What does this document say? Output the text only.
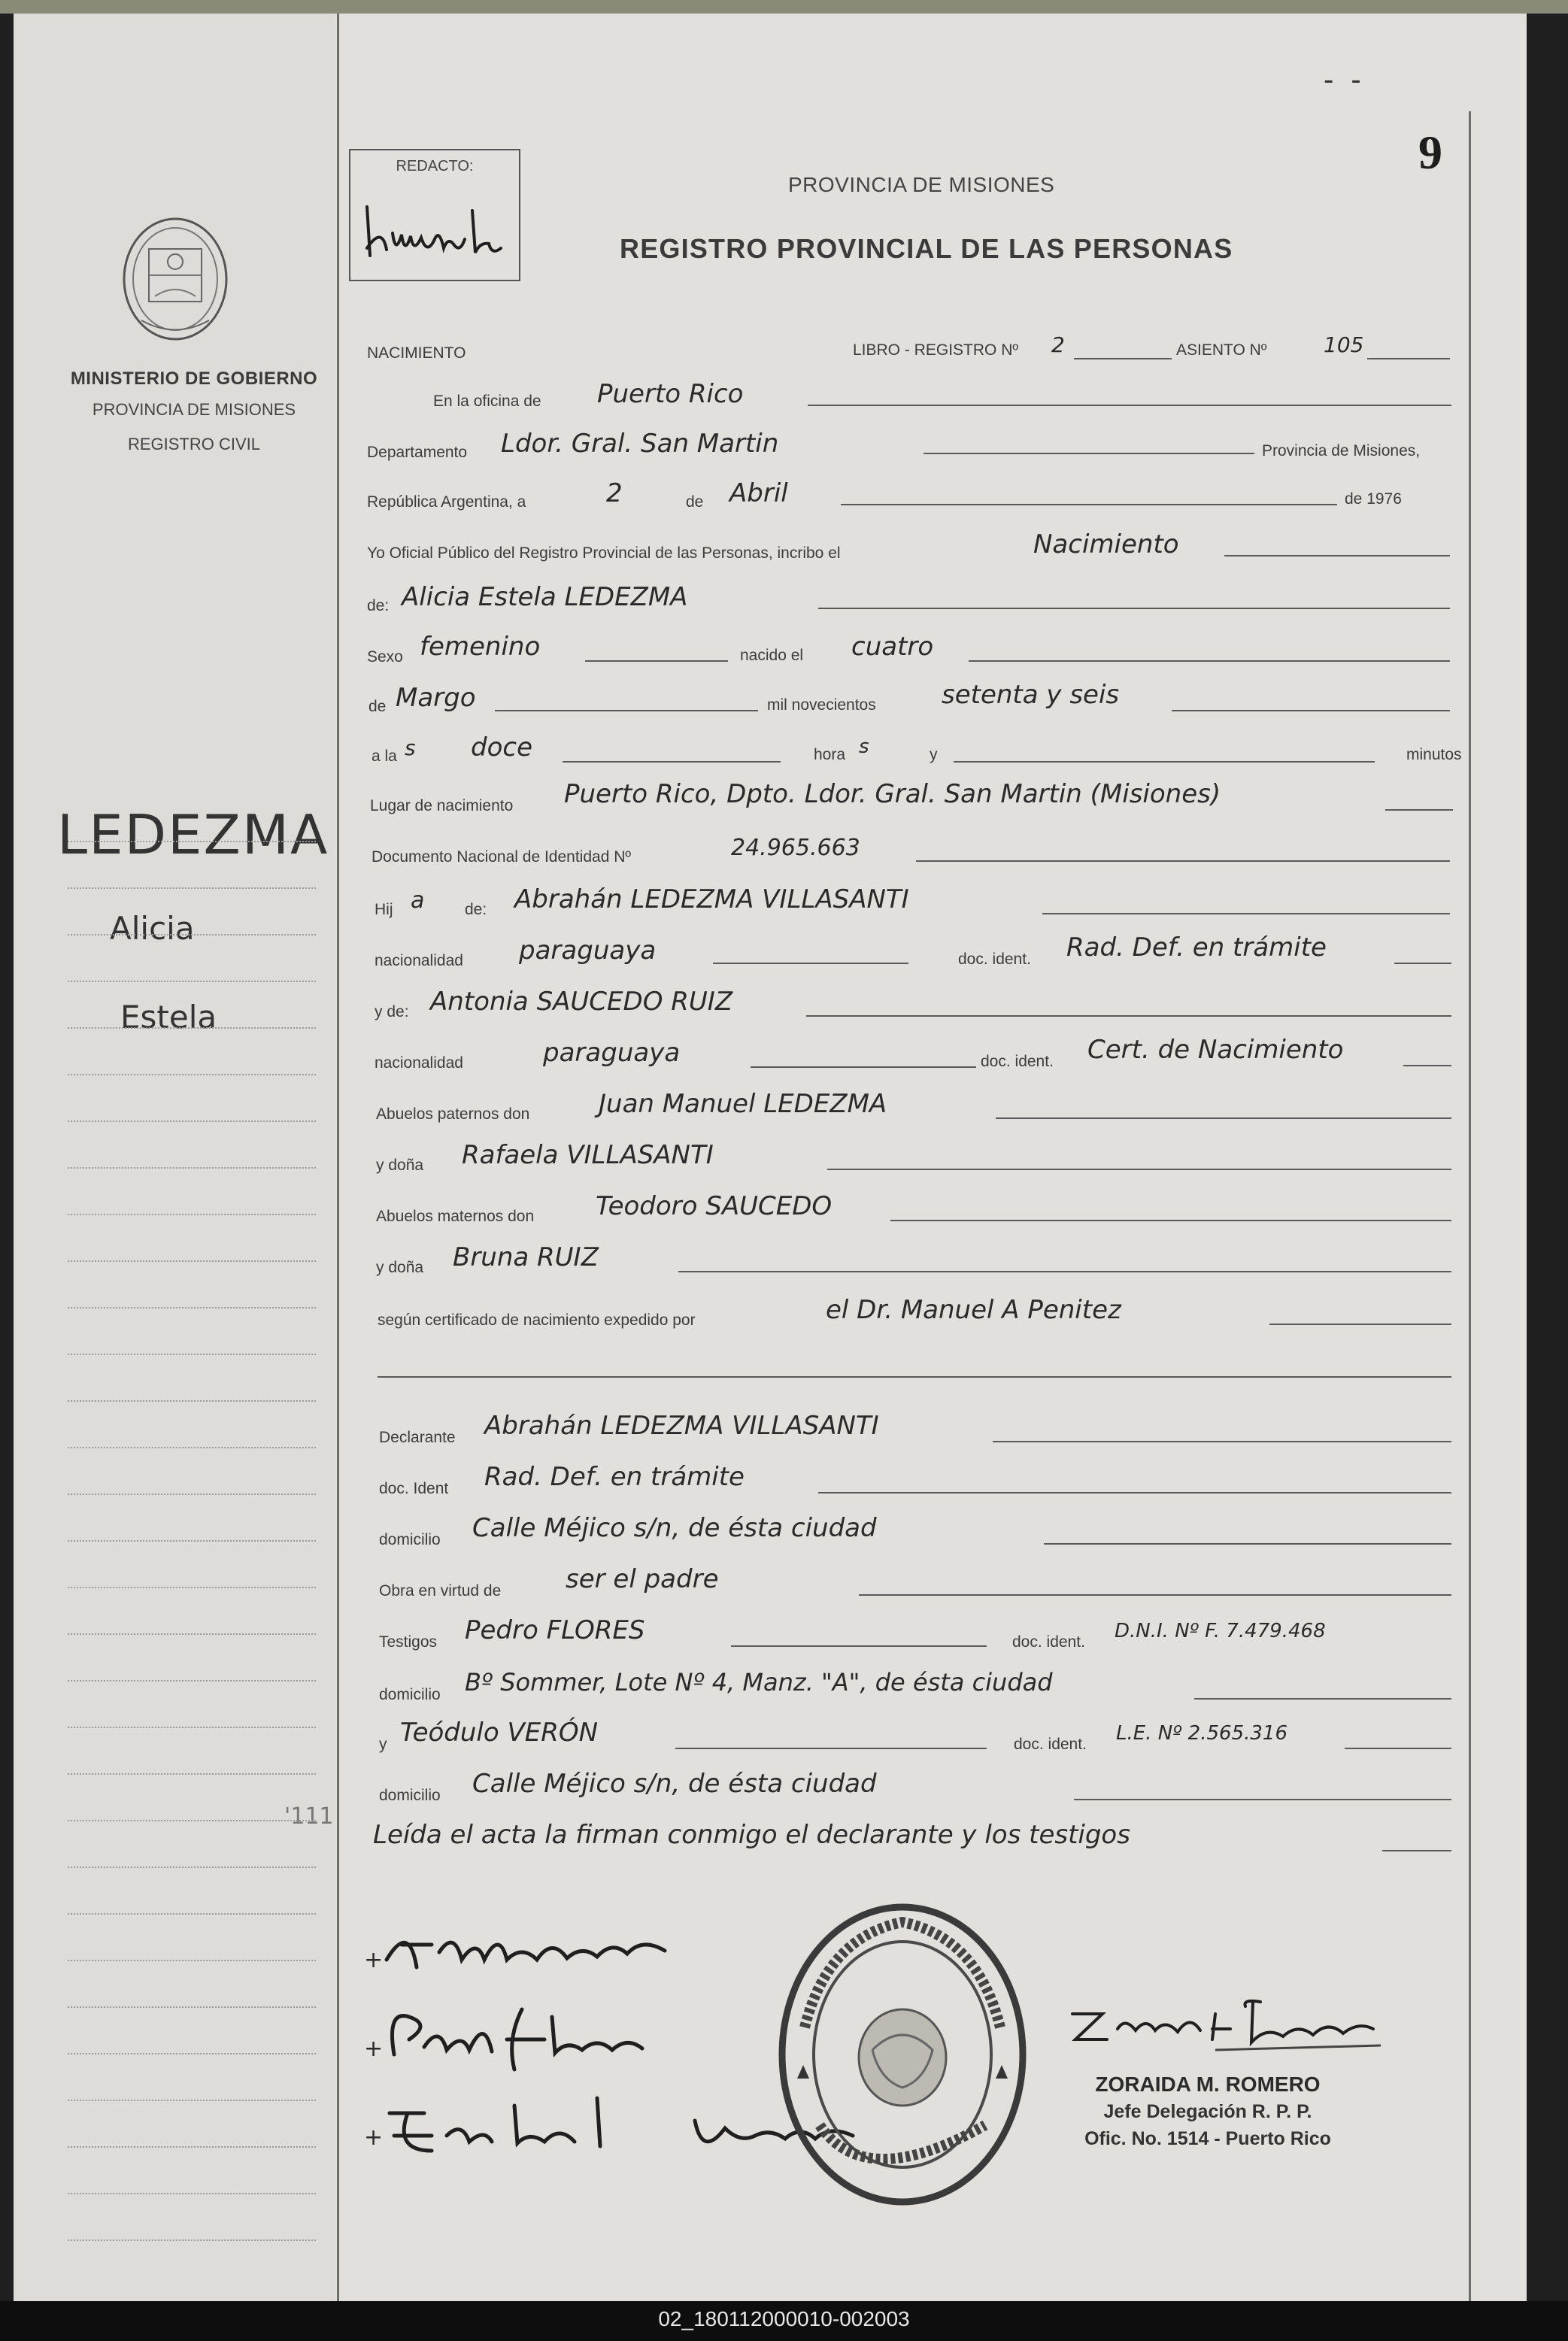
MINISTERIO DE GOBIERNO
PROVINCIA DE MISIONES
REGISTRO CIVIL
LEDEZMA
Alicia
Estela
'111
- -
9
REDACTO:
PROVINCIA DE MISIONES
REGISTRO PROVINCIAL DE LAS PERSONAS
NACIMIENTO	LIBRO - REGISTRO Nº 2	ASIENTO Nº	105
En la oficina de Puerto Rico
Departamento Ldor. Gral. San Martin	Provincia de Misiones,
República Argentina, a	2	de Abril	de 1976
Yo Oficial Público del Registro Provincial de las Personas, incribo el	Nacimiento
de: Alicia Estela LEDEZMA
Sexo femenino	nacido el cuatro
de Margo	mil novecientos	setenta y seis
a la s doce	hora s	y	minutos
Lugar de nacimiento Puerto Rico, Dpto. Ldor. Gral. San Martin (Misiones)
Documento Nacional de Identidad Nº	24.965.663
Hij a	de: Abrahán LEDEZMA VILLASANTI
nacionalidad paraguaya	doc. ident. Rad. Def. en trámite
y de: Antonia SAUCEDO RUIZ
nacionalidad	paraguaya	doc. ident. Cert. de Nacimiento
Abuelos paternos don	Juan Manuel LEDEZMA
y doña Rafaela VILLASANTI
Abuelos maternos don Teodoro SAUCEDO
y doña Bruna RUIZ
según certificado de nacimiento expedido por	el Dr. Manuel A Penitez
Declarante Abrahán LEDEZMA VILLASANTI
doc. Ident Rad. Def. en trámite
domicilio Calle Méjico s/n, de ésta ciudad
Obra en virtud de	ser el padre
Testigos Pedro FLORES	doc. ident. D.N.I. Nº F. 7.479.468
domicilio Bº Sommer, Lote Nº 4, Manz. "A", de ésta ciudad
y Teódulo VERÓN	doc. ident. L.E. Nº 2.565.316
domicilio Calle Méjico s/n, de ésta ciudad
Leída el acta la firman conmigo el declarante y los testigos
+
+
+
ZORAIDA M. ROMERO
Jefe Delegación R. P. P.
Ofic. No. 1514 - Puerto Rico
02_180112000010-002003
